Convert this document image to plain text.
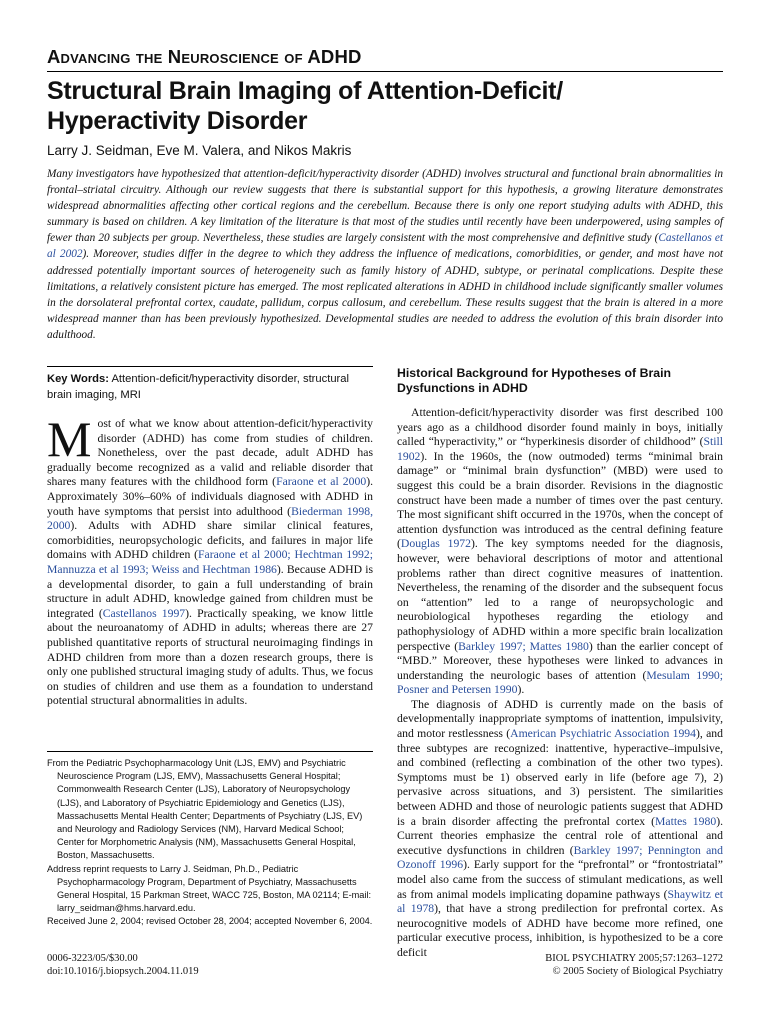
Advancing the Neuroscience of ADHD

Structural Brain Imaging of Attention-Deficit/
Hyperactivity Disorder

Larry J. Seidman, Eve M. Valera, and Nikos Makris

Many investigators have hypothesized that attention-deficit/hyperactivity disorder (ADHD) involves structural and functional brain abnormalities in frontal–striatal circuitry. Although our review suggests that there is substantial support for this hypothesis, a growing literature demonstrates widespread abnormalities affecting other cortical regions and the cerebellum. Because there is only one report studying adults with ADHD, this summary is based on children. A key limitation of the literature is that most of the studies until recently have been underpowered, using samples of fewer than 20 subjects per group. Nevertheless, these studies are largely consistent with the most comprehensive and definitive study (Castellanos et al 2002). Moreover, studies differ in the degree to which they address the influence of medications, comorbidities, or gender, and most have not addressed potentially important sources of heterogeneity such as family history of ADHD, subtype, or perinatal complications. Despite these limitations, a relatively consistent picture has emerged. The most replicated alterations in ADHD in childhood include significantly smaller volumes in the dorsolateral prefrontal cortex, caudate, pallidum, corpus callosum, and cerebellum. These results suggest that the brain is altered in a more widespread manner than has been previously hypothesized. Developmental studies are needed to address the evolution of this brain disorder into adulthood.

Key Words: Attention-deficit/hyperactivity disorder, structural brain imaging, MRI

Most of what we know about attention-deficit/hyperactivity disorder (ADHD) has come from studies of children. Nonetheless, over the past decade, adult ADHD has gradually become recognized as a valid and reliable disorder that shares many features with the childhood form (Faraone et al 2000). Approximately 30%–60% of individuals diagnosed with ADHD in youth have symptoms that persist into adulthood (Biederman 1998, 2000). Adults with ADHD share similar clinical features, comorbidities, neuropsychologic deficits, and failures in major life domains with ADHD children (Faraone et al 2000; Hechtman 1992; Mannuzza et al 1993; Weiss and Hechtman 1986). Because ADHD is a developmental disorder, to gain a full understanding of brain structure in adult ADHD, knowledge gained from children must be integrated (Castellanos 1997). Practically speaking, we know little about the neuroanatomy of ADHD in adults; whereas there are 27 published quantitative reports of structural neuroimaging findings in ADHD children from more than a dozen research groups, there is only one published structural imaging study of adults. Thus, we focus on studies of children and use them as a foundation to understand potential structural abnormalities in adults.

Historical Background for Hypotheses of Brain Dysfunctions in ADHD

Attention-deficit/hyperactivity disorder was first described 100 years ago as a childhood disorder found mainly in boys, initially called “hyperactivity,” or “hyperkinesis disorder of childhood” (Still 1902). In the 1960s, the (now outmoded) terms “minimal brain damage” or “minimal brain dysfunction” (MBD) were used to suggest this could be a brain disorder. Revisions in the diagnostic construct have been made a number of times over the past century. The most significant shift occurred in the 1970s, when the concept of attention dysfunction was introduced as the central defining feature (Douglas 1972). The key symptoms needed for the diagnosis, however, were behavioral descriptions of motor and attentional problems rather than direct cognitive measures of inattention. Nevertheless, the renaming of the disorder and the subsequent focus on “attention” led to a range of neuropsychologic and neurobiological hypotheses regarding the etiology and pathophysiology of ADHD within a more specific brain localization perspective (Barkley 1997; Mattes 1980) than the earlier concept of “MBD.” Moreover, these hypotheses were linked to advances in understanding the neurologic bases of attention (Mesulam 1990; Posner and Petersen 1990).

The diagnosis of ADHD is currently made on the basis of developmentally inappropriate symptoms of inattention, impulsivity, and motor restlessness (American Psychiatric Association 1994), and three subtypes are recognized: inattentive, hyperactive–impulsive, and combined (reflecting a combination of the other two types). Symptoms must be 1) observed early in life (before age 7), 2) pervasive across situations, and 3) persistent. The similarities between ADHD and those of neurologic patients suggest that ADHD is a brain disorder affecting the prefrontal cortex (Mattes 1980). Current theories emphasize the central role of attentional and executive dysfunctions in children (Barkley 1997; Pennington and Ozonoff 1996). Early support for the “prefrontal” or “frontostriatal” model also came from the success of stimulant medications, as well as from animal models implicating dopamine pathways (Shaywitz et al 1978), that have a strong predilection for prefrontal cortex. As neurocognitive models of ADHD have become more refined, one particular executive process, inhibition, is hypothesized to be a core deficit

From the Pediatric Psychopharmacology Unit (LJS, EMV) and Psychiatric Neuroscience Program (LJS, EMV), Massachusetts General Hospital; Commonwealth Research Center (LJS), Laboratory of Neuropsychology (LJS), and Laboratory of Psychiatric Epidemiology and Genetics (LJS), Massachusetts Mental Health Center; Departments of Psychiatry (LJS, EV) and Neurology and Radiology Services (NM), Harvard Medical School; Center for Morphometric Analysis (NM), Massachusetts General Hospital, Boston, Massachusetts.

Address reprint requests to Larry J. Seidman, Ph.D., Pediatric Psychopharmacology Program, Department of Psychiatry, Massachusetts General Hospital, 15 Parkman Street, WACC 725, Boston, MA 02114; E-mail: larry_seidman@hms.harvard.edu.

Received June 2, 2004; revised October 28, 2004; accepted November 6, 2004.

0006-3223/05/$30.00
doi:10.1016/j.biopsych.2004.11.019
BIOL PSYCHIATRY 2005;57:1263–1272
© 2005 Society of Biological Psychiatry
